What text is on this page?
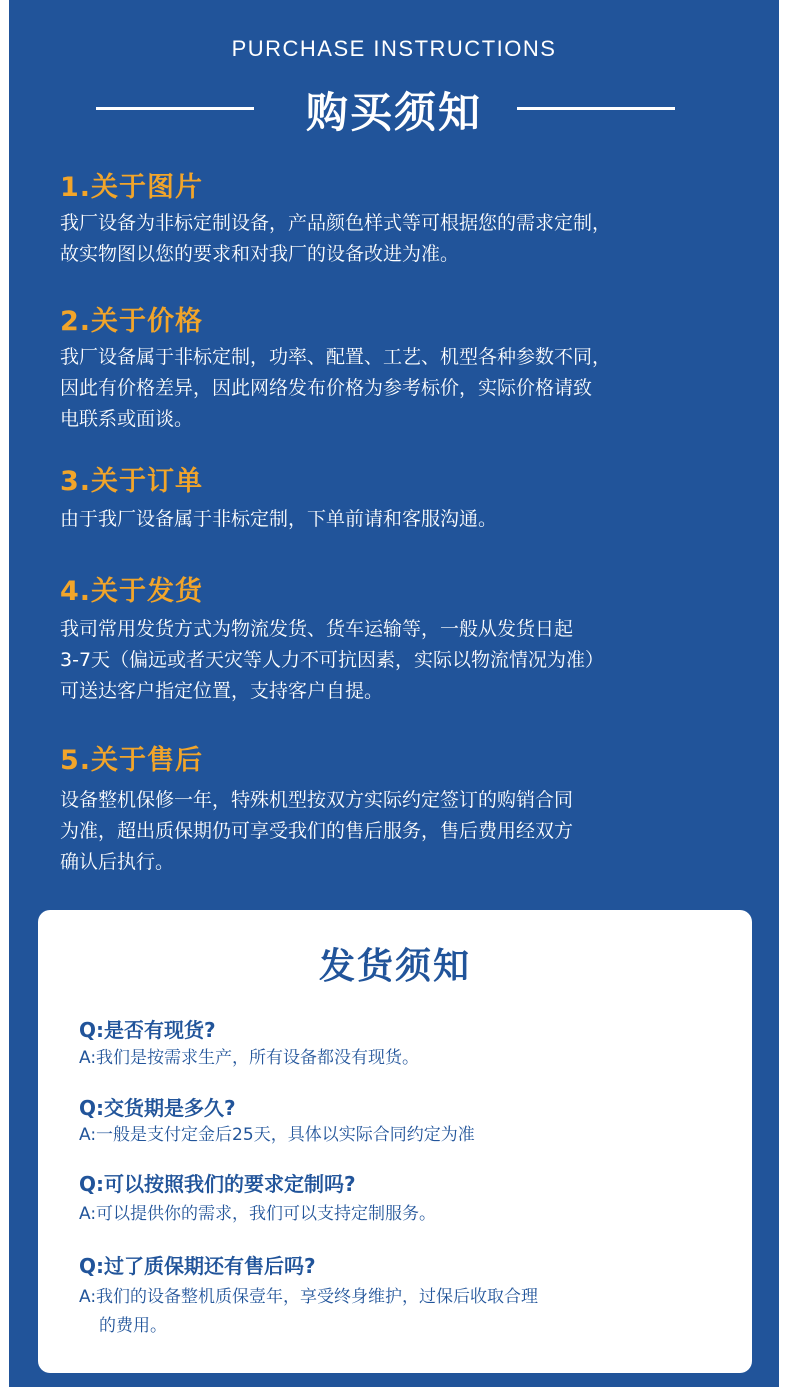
PURCHASE INSTRUCTIONS
购买须知
1.关于图片
我厂设备为非标定制设备，产品颜色样式等可根据您的需求定制，
故实物图以您的要求和对我厂的设备改进为准。
2.关于价格
我厂设备属于非标定制，功率、配置、工艺、机型各种参数不同，
因此有价格差异，因此网络发布价格为参考标价，实际价格请致
电联系或面谈。
3.关于订单
由于我厂设备属于非标定制，下单前请和客服沟通。
4.关于发货
我司常用发货方式为物流发货、货车运输等，一般从发货日起
3-7天（偏远或者天灾等人力不可抗因素，实际以物流情况为准）
可送达客户指定位置，支持客户自提。
5.关于售后
设备整机保修一年，特殊机型按双方实际约定签订的购销合同
为准，超出质保期仍可享受我们的售后服务，售后费用经双方
确认后执行。
发货须知
Q:是否有现货?
A:我们是按需求生产，所有设备都没有现货。
Q:交货期是多久?
A:一般是支付定金后25天，具体以实际合同约定为准
Q:可以按照我们的要求定制吗?
A:可以提供你的需求，我们可以支持定制服务。
Q:过了质保期还有售后吗?
A:我们的设备整机质保壹年，享受终身维护，过保后收取合理
的费用。
